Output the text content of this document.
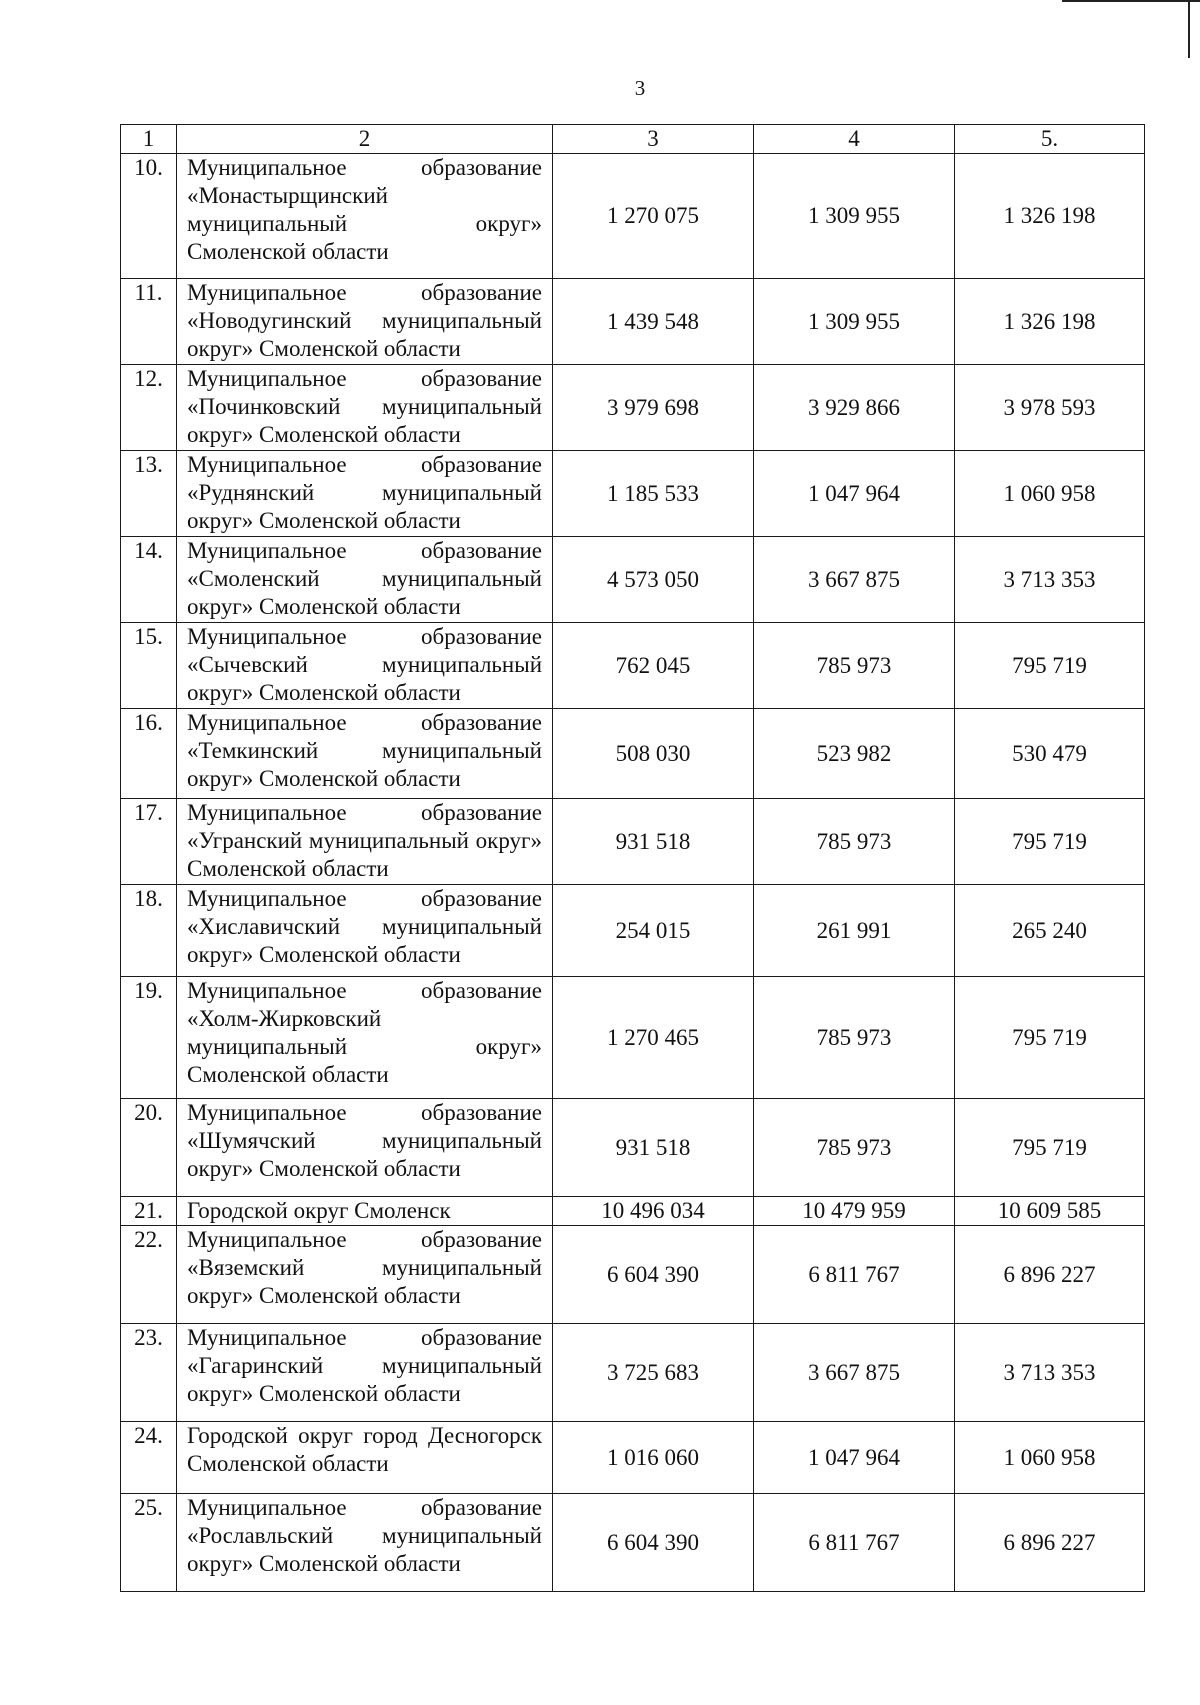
3
1	2	3	4	5.
10.	Муниципальное образование «Монастырщинский муниципальный округ» Смоленской области	1 270 075	1 309 955	1 326 198
11.	Муниципальное образование «Новодугинский муниципальный округ» Смоленской области	1 439 548	1 309 955	1 326 198
12.	Муниципальное образование «Починковский муниципальный округ» Смоленской области	3 979 698	3 929 866	3 978 593
13.	Муниципальное образование «Руднянский муниципальный округ» Смоленской области	1 185 533	1 047 964	1 060 958
14.	Муниципальное образование «Смоленский муниципальный округ» Смоленской области	4 573 050	3 667 875	3 713 353
15.	Муниципальное образование «Сычевский муниципальный округ» Смоленской области	762 045	785 973	795 719
16.	Муниципальное образование «Темкинский муниципальный округ» Смоленской области	508 030	523 982	530 479
17.	Муниципальное образование «Угранский муниципальный округ» Смоленской области	931 518	785 973	795 719
18.	Муниципальное образование «Хиславичский муниципальный округ» Смоленской области	254 015	261 991	265 240
19.	Муниципальное образование «Холм-Жирковский муниципальный округ» Смоленской области	1 270 465	785 973	795 719
20.	Муниципальное образование «Шумячский муниципальный округ» Смоленской области	931 518	785 973	795 719
21.	Городской округ Смоленск	10 496 034	10 479 959	10 609 585
22.	Муниципальное образование «Вяземский муниципальный округ» Смоленской области	6 604 390	6 811 767	6 896 227
23.	Муниципальное образование «Гагаринский муниципальный округ» Смоленской области	3 725 683	3 667 875	3 713 353
24.	Городской округ город Десногорск Смоленской области	1 016 060	1 047 964	1 060 958
25.	Муниципальное образование «Рославльский муниципальный округ» Смоленской области	6 604 390	6 811 767	6 896 227
